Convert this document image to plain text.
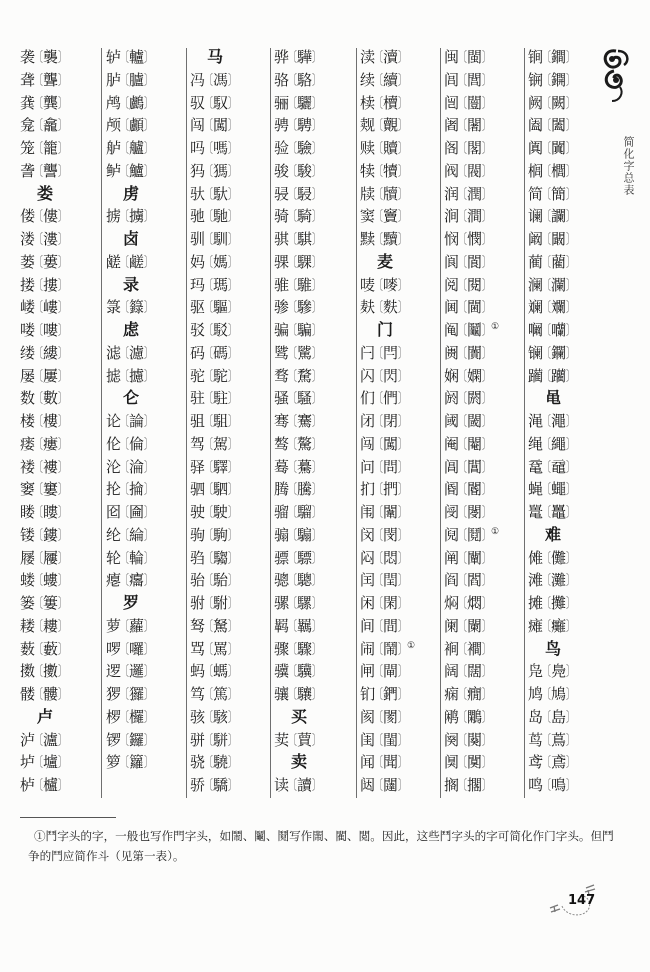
袭〔襲〕
聋〔聾〕
龚〔龔〕
龛〔龕〕
笼〔籠〕
詟〔讋〕
娄
偻〔僂〕
溇〔漊〕
蒌〔蔞〕
搂〔摟〕
嵝〔嶁〕
喽〔嘍〕
缕〔縷〕
屡〔屢〕
数〔數〕
楼〔樓〕
瘘〔瘻〕
褛〔褸〕
窭〔窶〕
䁖〔瞜〕
镂〔鏤〕
屦〔屨〕
蝼〔螻〕
篓〔簍〕
耧〔耬〕
薮〔藪〕
擞〔擻〕
髅〔髏〕
卢
泸〔瀘〕
垆〔壚〕
栌〔櫨〕
轳〔轤〕
胪〔臚〕
鸬〔鸕〕
颅〔顱〕
舻〔艫〕
鲈〔鱸〕
虏
掳〔擄〕
卤
鹾〔鹺〕
录
箓〔籙〕
虑
滤〔濾〕
摅〔攄〕
仑
论〔論〕
伦〔倫〕
沦〔淪〕
抡〔掄〕
囵〔圇〕
纶〔綸〕
轮〔輪〕
瘪〔癟〕
罗
萝〔蘿〕
啰〔囉〕
逻〔邏〕
猡〔玀〕
椤〔欏〕
锣〔鑼〕
箩〔籮〕
马
冯〔馮〕
驭〔馭〕
闯〔闖〕
吗〔嗎〕
犸〔獁〕
驮〔馱〕
驰〔馳〕
驯〔馴〕
妈〔媽〕
玛〔瑪〕
驱〔驅〕
驳〔駁〕
码〔碼〕
驼〔駝〕
驻〔駐〕
驵〔駔〕
驾〔駕〕
驿〔驛〕
驷〔駟〕
驶〔駛〕
驹〔駒〕
驺〔騶〕
骀〔駘〕
驸〔駙〕
驽〔駑〕
骂〔罵〕
蚂〔螞〕
笃〔篤〕
骇〔駭〕
骈〔駢〕
骁〔驍〕
骄〔驕〕
骅〔驊〕
骆〔駱〕
骊〔驪〕
骋〔騁〕
验〔驗〕
骏〔駿〕
骎〔駸〕
骑〔騎〕
骐〔騏〕
骒〔騍〕
骓〔騅〕
骖〔驂〕
骗〔騙〕
骘〔騭〕
骛〔騖〕
骚〔騷〕
骞〔騫〕
骜〔驁〕
蓦〔驀〕
腾〔騰〕
骝〔騮〕
骟〔騸〕
骠〔驃〕
骢〔驄〕
骡〔騾〕
羁〔羈〕
骤〔驟〕
骥〔驥〕
骧〔驤〕
买
荬〔蕒〕
卖
读〔讀〕
渎〔瀆〕
续〔續〕
椟〔櫝〕
觌〔覿〕
赎〔贖〕
犊〔犢〕
牍〔牘〕
窦〔竇〕
黩〔黷〕
麦
唛〔嘜〕
麸〔麩〕
门
闩〔閂〕
闪〔閃〕
们〔們〕
闭〔閉〕
闯〔闖〕
问〔問〕
扪〔捫〕
闱〔闈〕
闵〔閔〕
闷〔悶〕
闰〔閏〕
闲〔閑〕
间〔間〕
闹〔鬧〕①
闸〔閘〕
钔〔鍆〕
阂〔閡〕
闺〔閨〕
闻〔聞〕
闼〔闥〕
闽〔閩〕
闾〔閭〕
闿〔闓〕
阇〔闍〕
阁〔閣〕
阀〔閥〕
润〔潤〕
涧〔澗〕
悯〔憫〕
阆〔閬〕
阅〔閱〕
阃〔閫〕
阄〔鬮〕①
阓〔闠〕
娴〔嫻〕
阏〔閼〕
阈〔閾〕
阉〔閹〕
阊〔閶〕
阍〔閽〕
阌〔閿〕
阋〔鬩〕①
阐〔闡〕
阎〔閻〕
焖〔燜〕
阑〔闌〕
裥〔襇〕
阔〔闊〕
痫〔癇〕
鹇〔鷴〕
阕〔闋〕
阒〔闃〕
搁〔擱〕
锏〔鐧〕
锎〔鐦〕
阙〔闕〕
阖〔闔〕
阗〔闐〕
榈〔櫚〕
简〔簡〕
谰〔讕〕
阚〔闞〕
蔺〔藺〕
澜〔瀾〕
斓〔斕〕
㘎〔囒〕
镧〔鑭〕
躏〔躪〕
黾
渑〔澠〕
绳〔繩〕
鼋〔黿〕
蝇〔蠅〕
鼍〔鼉〕
难
傩〔儺〕
滩〔灘〕
摊〔攤〕
瘫〔癱〕
鸟
凫〔鳧〕
鸠〔鳩〕
岛〔島〕
茑〔蔦〕
鸢〔鳶〕
鸣〔鳴〕
简化字总表
①鬥字头的字，一般也写作門字头，如鬧、鬮、鬩写作閙、閵、閲。因此，这些鬥字头的字可简化作门字头。但鬥争的鬥应简作斗（见第一表）。
147
